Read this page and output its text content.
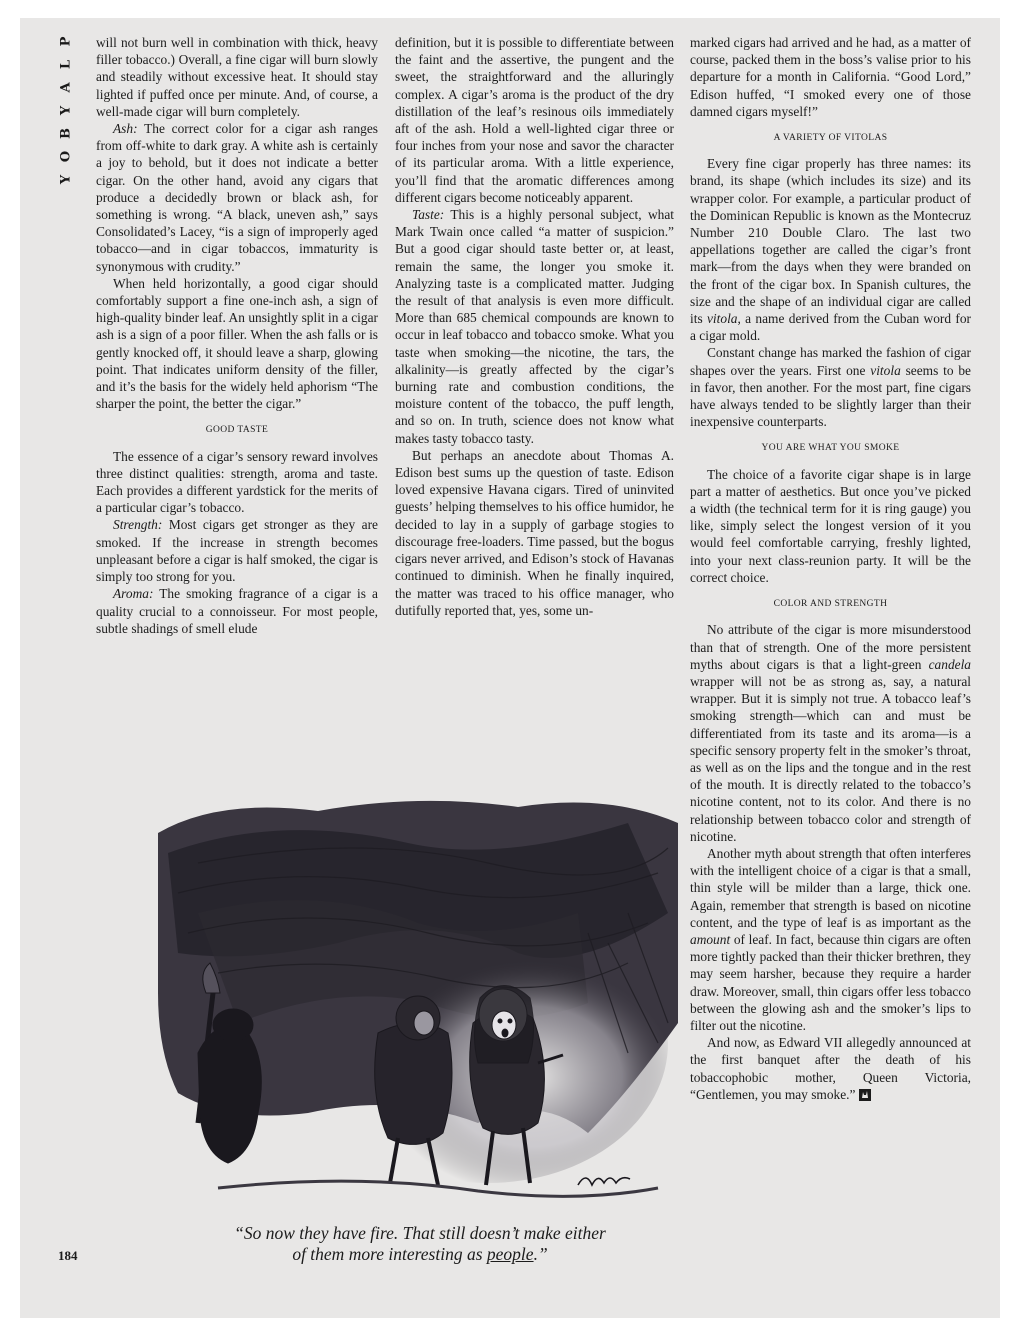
P
L
A
Y
B
O
Y

will not burn well in combination with thick, heavy filler tobacco.) Overall, a fine cigar will burn slowly and steadily without excessive heat. It should stay lighted if puffed once per minute. And, of course, a well-made cigar will burn completely.

Ash: The correct color for a cigar ash ranges from off-white to dark gray. A white ash is certainly a joy to behold, but it does not indicate a better cigar. On the other hand, avoid any cigars that produce a decidedly brown or black ash, for something is wrong. “A black, uneven ash,” says Consolidated’s Lacey, “is a sign of improperly aged tobacco—and in cigar tobaccos, immaturity is synonymous with crudity.”

When held horizontally, a good cigar should comfortably support a fine one-inch ash, a sign of high-quality binder leaf. An unsightly split in a cigar ash is a sign of a poor filler. When the ash falls or is gently knocked off, it should leave a sharp, glowing point. That indicates uniform density of the filler, and it’s the basis for the widely held aphorism “The sharper the point, the better the cigar.”

GOOD TASTE

The essence of a cigar’s sensory reward involves three distinct qualities: strength, aroma and taste. Each provides a different yardstick for the merits of a particular cigar’s tobacco.

Strength: Most cigars get stronger as they are smoked. If the increase in strength becomes unpleasant before a cigar is half smoked, the cigar is simply too strong for you.

Aroma: The smoking fragrance of a cigar is a quality crucial to a connoisseur. For most people, subtle shadings of smell elude

definition, but it is possible to differentiate between the faint and the assertive, the pungent and the sweet, the straightforward and the alluringly complex. A cigar’s aroma is the product of the dry distillation of the leaf’s resinous oils immediately aft of the ash. Hold a well-lighted cigar three or four inches from your nose and savor the character of its particular aroma. With a little experience, you’ll find that the aromatic differences among different cigars become noticeably apparent.

Taste: This is a highly personal subject, what Mark Twain once called “a matter of suspicion.” But a good cigar should taste better or, at least, remain the same, the longer you smoke it. Analyzing taste is a complicated matter. Judging the result of that analysis is even more difficult. More than 685 chemical compounds are known to occur in leaf tobacco and tobacco smoke. What you taste when smoking—the nicotine, the tars, the alkalinity—is greatly affected by the cigar’s burning rate and combustion conditions, the moisture content of the tobacco, the puff length, and so on. In truth, science does not know what makes tasty tobacco tasty.

But perhaps an anecdote about Thomas A. Edison best sums up the question of taste. Edison loved expensive Havana cigars. Tired of uninvited guests’ helping themselves to his office humidor, he decided to lay in a supply of garbage stogies to discourage free-loaders. Time passed, but the bogus cigars never arrived, and Edison’s stock of Havanas continued to diminish. When he finally inquired, the matter was traced to his office manager, who dutifully reported that, yes, some un-

marked cigars had arrived and he had, as a matter of course, packed them in the boss’s valise prior to his departure for a month in California. “Good Lord,” Edison huffed, “I smoked every one of those damned cigars myself!”

A VARIETY OF VITOLAS

Every fine cigar properly has three names: its brand, its shape (which includes its size) and its wrapper color. For example, a particular product of the Dominican Republic is known as the Montecruz Number 210 Double Claro. The last two appellations together are called the cigar’s front mark—from the days when they were branded on the front of the cigar box. In Spanish cultures, the size and the shape of an individual cigar are called its vitola, a name derived from the Cuban word for a cigar mold.

Constant change has marked the fashion of cigar shapes over the years. First one vitola seems to be in favor, then another. For the most part, fine cigars have always tended to be slightly larger than their inexpensive counterparts.

YOU ARE WHAT YOU SMOKE

The choice of a favorite cigar shape is in large part a matter of aesthetics. But once you’ve picked a width (the technical term for it is ring gauge) you like, simply select the longest version of it you would feel comfortable carrying, freshly lighted, into your next class-reunion party. It will be the correct choice.

COLOR AND STRENGTH

No attribute of the cigar is more misunderstood than that of strength. One of the more persistent myths about cigars is that a light-green candela wrapper will not be as strong as, say, a natural wrapper. But it is simply not true. A tobacco leaf’s smoking strength—which can and must be differentiated from its taste and its aroma—is a specific sensory property felt in the smoker’s throat, as well as on the lips and the tongue and in the rest of the mouth. It is directly related to the tobacco’s nicotine content, not to its color. And there is no relationship between tobacco color and strength of nicotine.

Another myth about strength that often interferes with the intelligent choice of a cigar is that a small, thin style will be milder than a large, thick one. Again, remember that strength is based on nicotine content, and the type of leaf is as important as the amount of leaf. In fact, because thin cigars are often more tightly packed than their thicker brethren, they may seem harsher, because they require a harder draw. Moreover, small, thin cigars offer less tobacco between the glowing ash and the smoker’s lips to filter out the nicotine.

And now, as Edward VII allegedly announced at the first banquet after the death of his tobaccophobic mother, Queen Victoria, “Gentlemen, you may smoke.”

“So now they have fire. That still doesn’t make either
of them more interesting as people.”
184
